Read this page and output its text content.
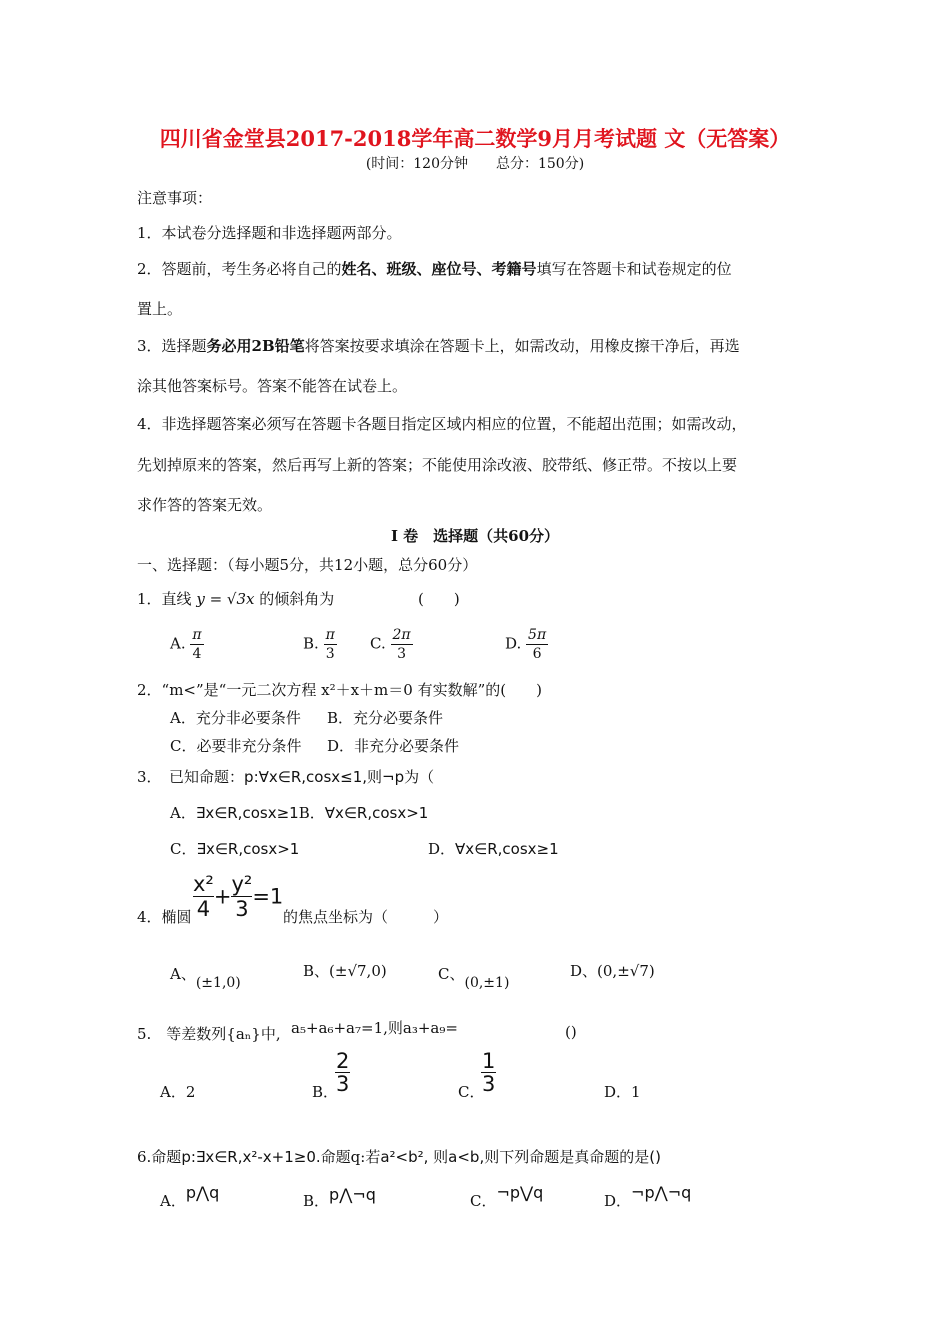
四川省金堂县2017-2018学年高二数学9月月考试题 文（无答案）
(时间：120分钟　　总分：150分)
注意事项：
1．本试卷分选择题和非选择题两部分。
2．答题前，考生务必将自己的姓名、班级、座位号、考籍号填写在答题卡和试卷规定的位
置上。
3．选择题务必用2B铅笔将答案按要求填涂在答题卡上，如需改动，用橡皮擦干净后，再选
涂其他答案标号。答案不能答在试卷上。
4．非选择题答案必须写在答题卡各题目指定区域内相应的位置，不能超出范围；如需改动，
先划掉原来的答案，然后再写上新的答案；不能使用涂改液、胶带纸、修正带。不按以上要
求作答的答案无效。
Ⅰ 卷　选择题（共60分）
一、选择题：（每小题5分，共12小题，总分60分）
1．直线 y = √3x 的倾斜角为	(　　)
A. $\frac{\pi}{4}$	B. $\frac{\pi}{3} C$. $\frac{2\pi}{3}$	D. $\frac{5\pi}{6}$
2．“m<”是“一元二次方程 x²＋x＋m＝0 有实数解”的(　　)
A．充分非必要条件 B．充分必要条件
C．必要非充分条件 D．非充分必要条件
3．　已知命题：p:∀x∈R,cosx≤1,则¬p为（
A．∃x∈R,cosx≥1B．∀x∈R,cosx>1
C．∃x∈R,cosx>1	D．∀x∈R,cosx≥1
4．椭圆 $\frac{\text{x²}}{4} + \frac{\text{y²}}{3} =1$
的焦点坐标为（　　　）
A、(±1,0)
B、(±√7,0)	C、(0,±1)
D、(0,±√7)
5.　等差数列{aₙ}中, a₅+a₆+a₇=1,则a₃+a₉=	()
A．2	B．
$\frac{2}{3}$	C．
$\frac{1}{3}$	D．1
6.命题p:∃x∈R,x²-x+1≥0.命题q:若a²<b², 则a<b,则下列命题是真命题的是()
A．p⋀q	B．p⋀¬q	C．¬p⋁q	D．¬p⋀¬q
